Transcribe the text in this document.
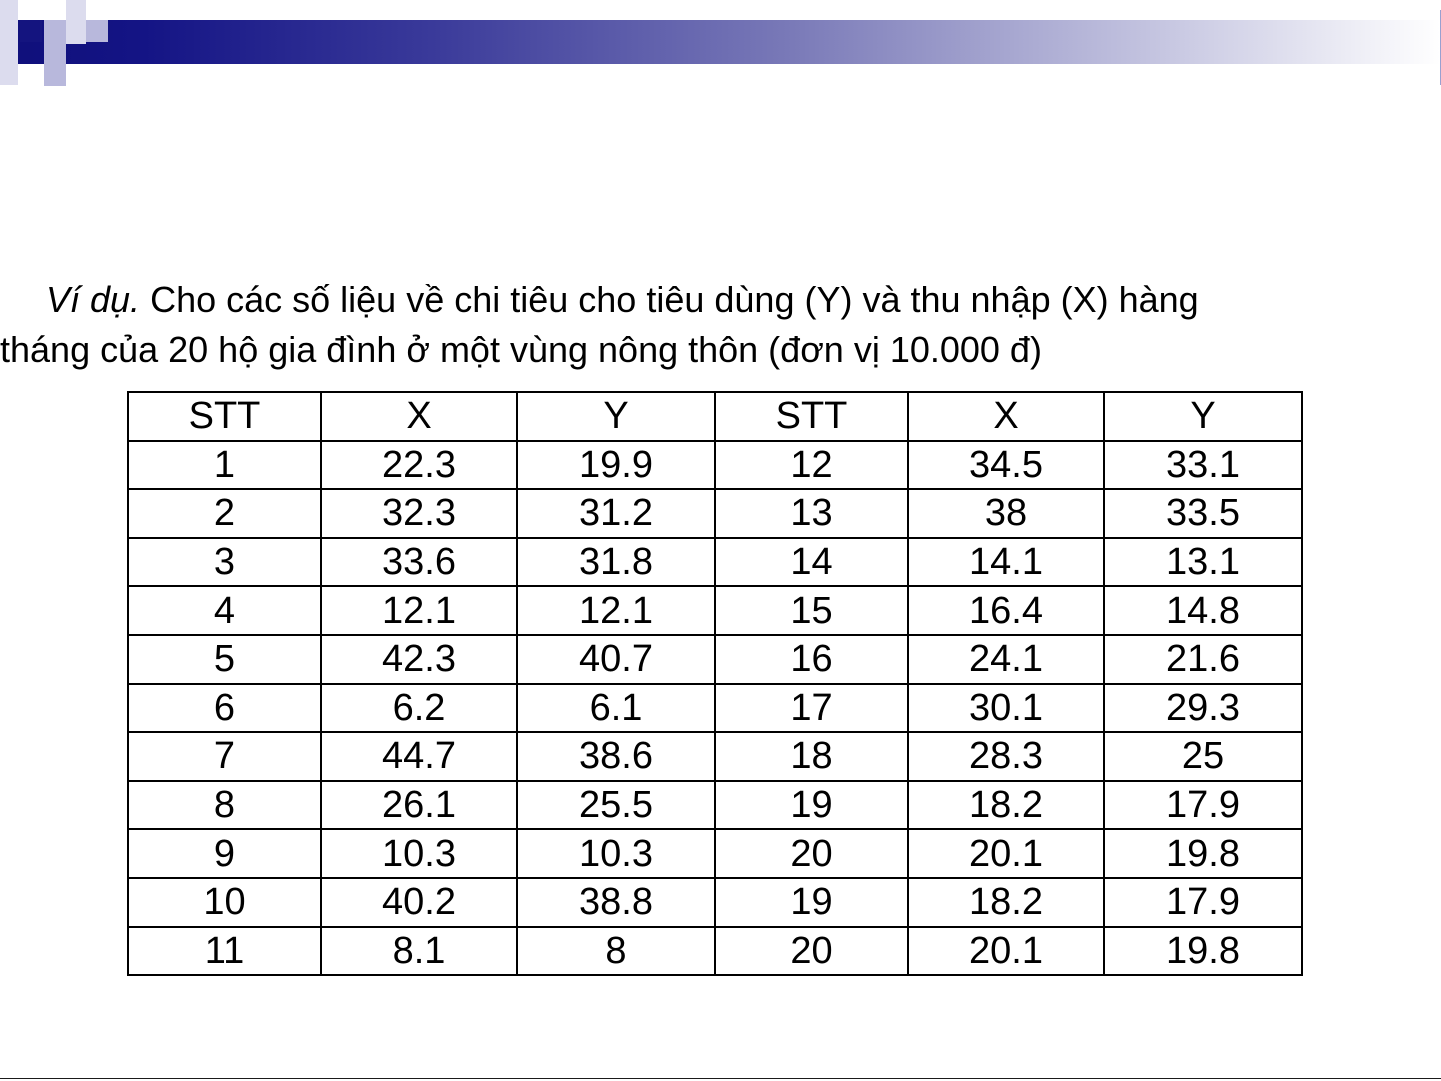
Ví dụ. Cho các số liệu về chi tiêu cho tiêu dùng (Y) và thu nhập (X) hàng
tháng của 20 hộ gia đình ở một vùng nông thôn (đơn vị 10.000 đ)
STT	X	Y	STT	X	Y
1	22.3	19.9	12	34.5	33.1
2	32.3	31.2	13	38	33.5
3	33.6	31.8	14	14.1	13.1
4	12.1	12.1	15	16.4	14.8
5	42.3	40.7	16	24.1	21.6
6	6.2	6.1	17	30.1	29.3
7	44.7	38.6	18	28.3	25
8	26.1	25.5	19	18.2	17.9
9	10.3	10.3	20	20.1	19.8
10	40.2	38.8	19	18.2	17.9
11	8.1	8	20	20.1	19.8
